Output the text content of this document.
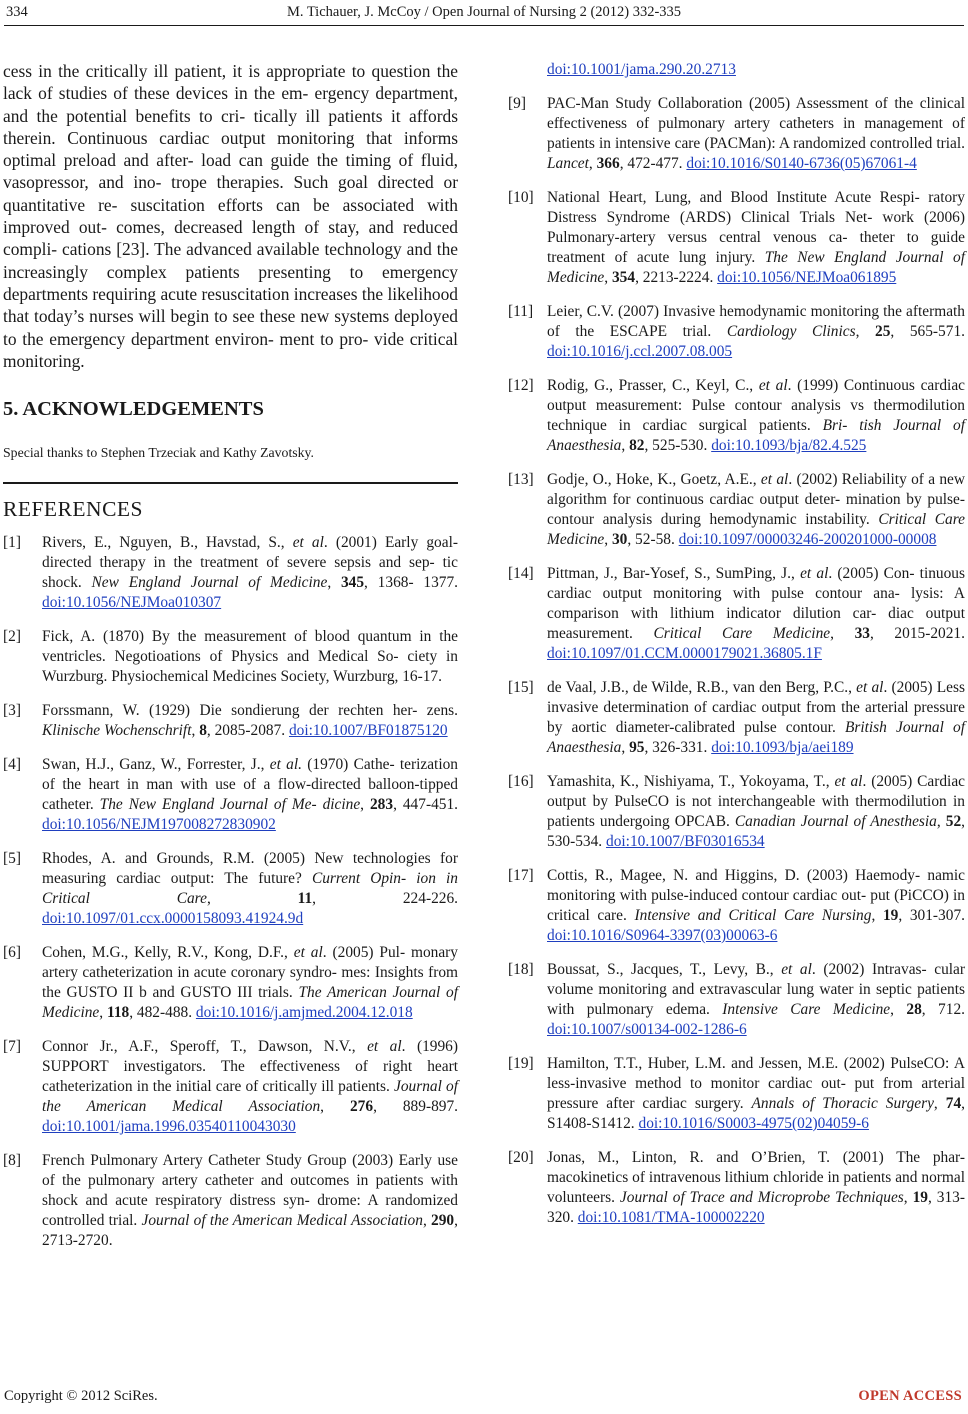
334	M. Tichauer, J. McCoy / Open Journal of Nursing 2 (2012) 332-335

cess in the critically ill patient, it is appropriate to question the lack of studies of these devices in the em- ergency department, and the potential benefits to cri- tically ill patients it affords therein. Continuous cardiac output monitoring that informs optimal preload and after- load can guide the timing of fluid, vasopressor, and ino- trope therapies. Such goal directed or quantitative re- suscitation efforts can be associated with improved out- comes, decreased length of stay, and reduced compli- cations [23]. The advanced available technology and the increasingly complex patients presenting to emergency departments requiring acute resuscitation increases the likelihood that today’s nurses will begin to see these new systems deployed to the emergency department environ- ment to pro- vide critical monitoring.

5. ACKNOWLEDGEMENTS
Special thanks to Stephen Trzeciak and Kathy Zavotsky.
REFERENCES
[1] Rivers, E., Nguyen, B., Havstad, S., et al. (2001) Early goal-directed therapy in the treatment of severe sepsis and sep- tic shock. New England Journal of Medicine, 345, 1368- 1377. doi:10.1056/NEJMoa010307
[2] Fick, A. (1870) By the measurement of blood quantum in the ventricles. Negotioations of Physics and Medical So- ciety in Wurzburg. Physiochemical Medicines Society, Wurzburg, 16-17.
[3] Forssmann, W. (1929) Die sondierung der rechten her- zens. Klinische Wochenschrift, 8, 2085-2087. doi:10.1007/BF01875120
[4] Swan, H.J., Ganz, W., Forrester, J., et al. (1970) Cathe- terization of the heart in man with use of a flow-directed balloon-tipped catheter. The New England Journal of Me- dicine, 283, 447-451. doi:10.1056/NEJM197008272830902
[5] Rhodes, A. and Grounds, R.M. (2005) New technologies for measuring cardiac output: The future? Current Opin- ion in Critical Care, 11, 224-226. doi:10.1097/01.ccx.0000158093.41924.9d
[6] Cohen, M.G., Kelly, R.V., Kong, D.F., et al. (2005) Pul- monary artery catheterization in acute coronary syndro- mes: Insights from the GUSTO II b and GUSTO III trials. The American Journal of Medicine, 118, 482-488. doi:10.1016/j.amjmed.2004.12.018
[7] Connor Jr., A.F., Speroff, T., Dawson, N.V., et al. (1996) SUPPORT investigators. The effectiveness of right heart catheterization in the initial care of critically ill patients. Journal of the American Medical Association, 276, 889-897. doi:10.1001/jama.1996.03540110043030
[8] French Pulmonary Artery Catheter Study Group (2003) Early use of the pulmonary artery catheter and outcomes in patients with shock and acute respiratory distress syn- drome: A randomized controlled trial. Journal of the American Medical Association, 290, 2713-2720.
doi:10.1001/jama.290.20.2713
[9] PAC-Man Study Collaboration (2005) Assessment of the clinical effectiveness of pulmonary artery catheters in management of patients in intensive care (PACMan): A randomized controlled trial. Lancet, 366, 472-477. doi:10.1016/S0140-6736(05)67061-4
[10] National Heart, Lung, and Blood Institute Acute Respi- ratory Distress Syndrome (ARDS) Clinical Trials Net- work (2006) Pulmonary-artery versus central venous ca- theter to guide treatment of acute lung injury. The New England Journal of Medicine, 354, 2213-2224. doi:10.1056/NEJMoa061895
[11] Leier, C.V. (2007) Invasive hemodynamic monitoring the aftermath of the ESCAPE trial. Cardiology Clinics, 25, 565-571. doi:10.1016/j.ccl.2007.08.005
[12] Rodig, G., Prasser, C., Keyl, C., et al. (1999) Continuous cardiac output measurement: Pulse contour analysis vs thermodilution technique in cardiac surgical patients. Bri- tish Journal of Anaesthesia, 82, 525-530. doi:10.1093/bja/82.4.525
[13] Godje, O., Hoke, K., Goetz, A.E., et al. (2002) Reliability of a new algorithm for continuous cardiac output deter- mination by pulse-contour analysis during hemodynamic instability. Critical Care Medicine, 30, 52-58. doi:10.1097/00003246-200201000-00008
[14] Pittman, J., Bar-Yosef, S., SumPing, J., et al. (2005) Con- tinuous cardiac output monitoring with pulse contour ana- lysis: A comparison with lithium indicator dilution car- diac output measurement. Critical Care Medicine, 33, 2015-2021. doi:10.1097/01.CCM.0000179021.36805.1F
[15] de Vaal, J.B., de Wilde, R.B., van den Berg, P.C., et al. (2005) Less invasive determination of cardiac output from the arterial pressure by aortic diameter-calibrated pulse contour. British Journal of Anaesthesia, 95, 326-331. doi:10.1093/bja/aei189
[16] Yamashita, K., Nishiyama, T., Yokoyama, T., et al. (2005) Cardiac output by PulseCO is not interchangeable with thermodilution in patients undergoing OPCAB. Canadian Journal of Anesthesia, 52, 530-534. doi:10.1007/BF03016534
[17] Cottis, R., Magee, N. and Higgins, D. (2003) Haemody- namic monitoring with pulse-induced contour cardiac out- put (PiCCO) in critical care. Intensive and Critical Care Nursing, 19, 301-307. doi:10.1016/S0964-3397(03)00063-6
[18] Boussat, S., Jacques, T., Levy, B., et al. (2002) Intravas- cular volume monitoring and extravascular lung water in septic patients with pulmonary edema. Intensive Care Medicine, 28, 712. doi:10.1007/s00134-002-1286-6
[19] Hamilton, T.T., Huber, L.M. and Jessen, M.E. (2002) PulseCO: A less-invasive method to monitor cardiac out- put from arterial pressure after cardiac surgery. Annals of Thoracic Surgery, 74, S1408-S1412. doi:10.1016/S0003-4975(02)04059-6
[20] Jonas, M., Linton, R. and O’Brien, T. (2001) The phar- macokinetics of intravenous lithium chloride in patients and normal volunteers. Journal of Trace and Microprobe Techniques, 19, 313-320. doi:10.1081/TMA-100002220
Copyright © 2012 SciRes.	OPEN ACCESS
